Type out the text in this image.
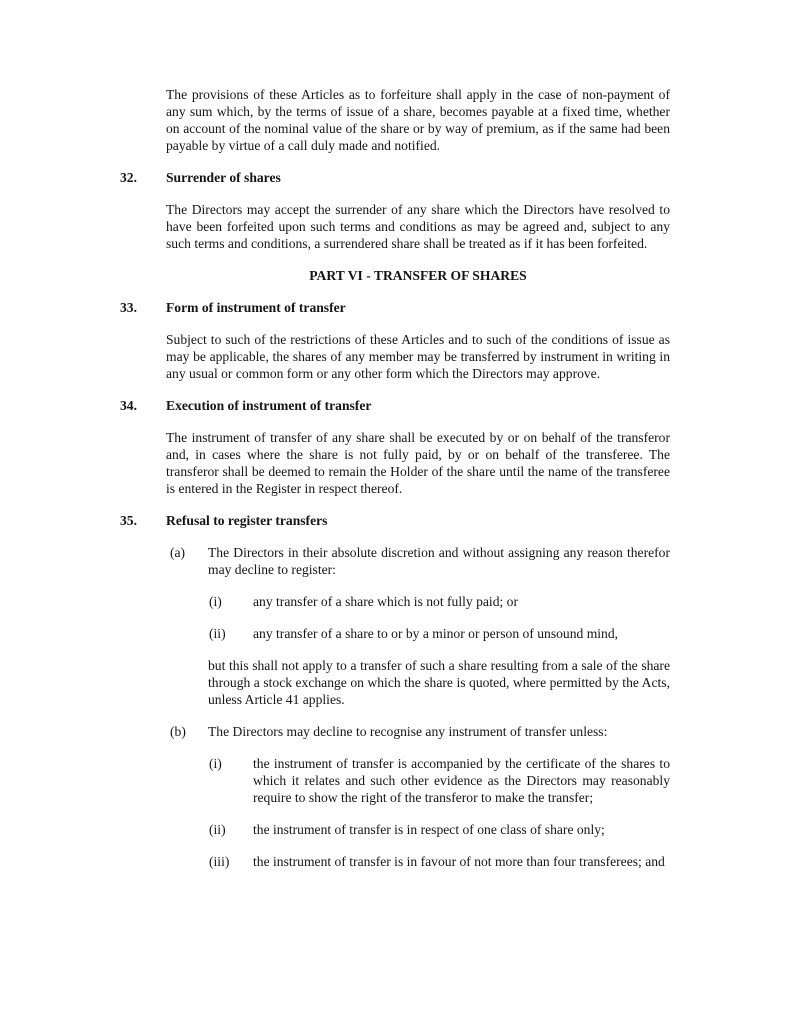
The provisions of these Articles as to forfeiture shall apply in the case of non-payment of any sum which, by the terms of issue of a share, becomes payable at a fixed time, whether on account of the nominal value of the share or by way of premium, as if the same had been payable by virtue of a call duly made and notified.

32.	Surrender of shares

The Directors may accept the surrender of any share which the Directors have resolved to have been forfeited upon such terms and conditions as may be agreed and, subject to any such terms and conditions, a surrendered share shall be treated as if it has been forfeited.

PART VI - TRANSFER OF SHARES
33.	Form of instrument of transfer

Subject to such of the restrictions of these Articles and to such of the conditions of issue as may be applicable, the shares of any member may be transferred by instrument in writing in any usual or common form or any other form which the Directors may approve.

34.	Execution of instrument of transfer

The instrument of transfer of any share shall be executed by or on behalf of the transferor and, in cases where the share is not fully paid, by or on behalf of the transferee. The transferor shall be deemed to remain the Holder of the share until the name of the transferee is entered in the Register in respect thereof.

35.	Refusal to register transfers
(a)	The Directors in their absolute discretion and without assigning any reason therefor may decline to register:

(i)	any transfer of a share which is not fully paid; or

(ii)	any transfer of a share to or by a minor or person of unsound mind,

but this shall not apply to a transfer of such a share resulting from a sale of the share through a stock exchange on which the share is quoted, where permitted by the Acts, unless Article 41 applies.

(b)	The Directors may decline to recognise any instrument of transfer unless:

(i)	the instrument of transfer is accompanied by the certificate of the shares to which it relates and such other evidence as the Directors may reasonably require to show the right of the transferor to make the transfer;

(ii)	the instrument of transfer is in respect of one class of share only;

(iii)	the instrument of transfer is in favour of not more than four transferees; and
